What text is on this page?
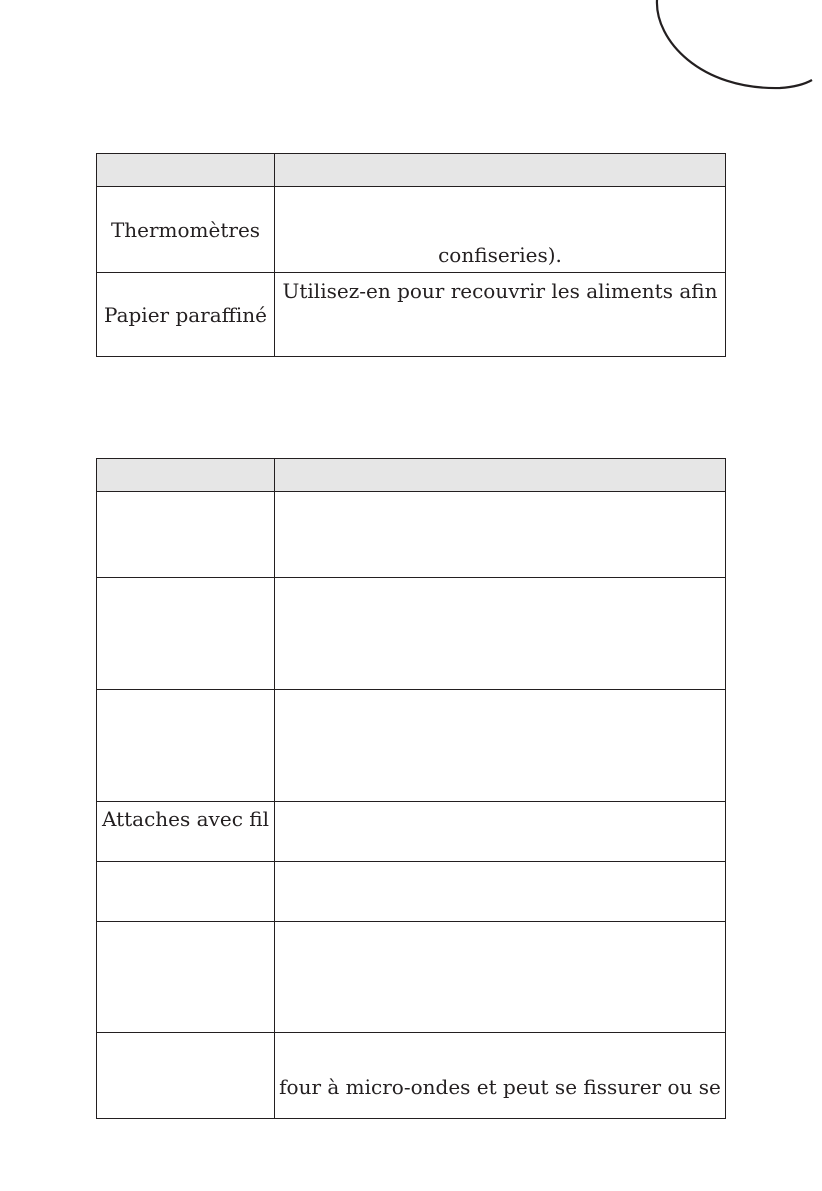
Thermomètres	confiseries).

Papier paraffiné	Utilisez-en pour recouvrir les aliments afin

Attaches avec fil	

	four à micro-ondes et peut se fissurer ou se
